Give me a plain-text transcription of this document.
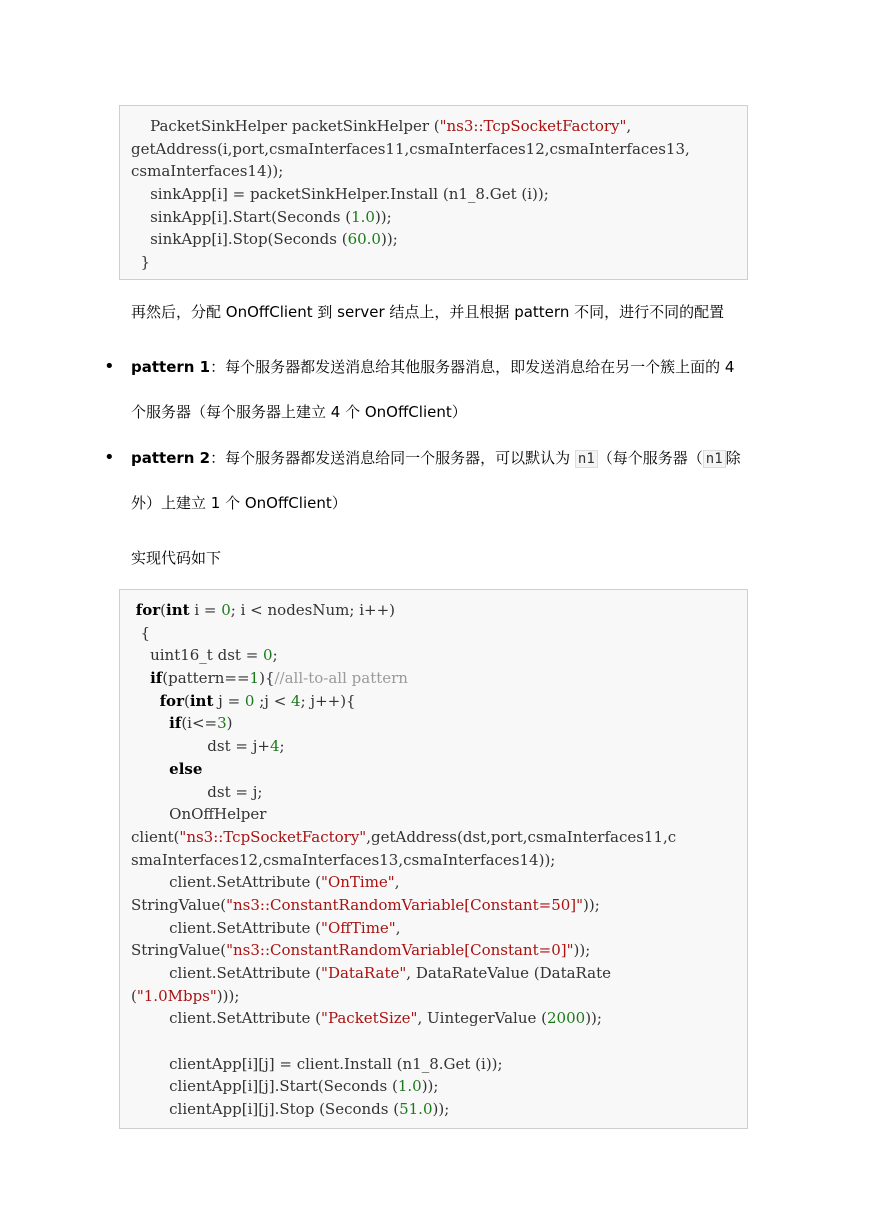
PacketSinkHelper packetSinkHelper ("ns3::TcpSocketFactory",
getAddress(i,port,csmaInterfaces11,csmaInterfaces12,csmaInterfaces13,
csmaInterfaces14));
sinkApp[i] = packetSinkHelper.Install (n1_8.Get (i));
sinkApp[i].Start(Seconds (1.0));
sinkApp[i].Stop(Seconds (60.0));
}
再然后，分配 OnOffClient 到 server 结点上，并且根据 pattern 不同，进行不同的配置
• pattern 1：每个服务器都发送消息给其他服务器消息，即发送消息给在另一个簇上面的 4
个服务器（每个服务器上建立 4 个 OnOffClient）
• pattern 2：每个服务器都发送消息给同一个服务器，可以默认为 n1 （每个服务器（ n1 除
外）上建立 1 个 OnOffClient）
实现代码如下
for(int i = 0; i < nodesNum; i++)
{
uint16_t dst = 0;
if(pattern==1){//all-to-all pattern
for(int j = 0 ;j < 4; j++){
if(i<=3)
dst = j+4;
else
dst = j;
OnOffHelper
client("ns3::TcpSocketFactory",getAddress(dst,port,csmaInterfaces11,c
smaInterfaces12,csmaInterfaces13,csmaInterfaces14));
client.SetAttribute ("OnTime",
StringValue("ns3::ConstantRandomVariable[Constant=50]"));
client.SetAttribute ("OffTime",
StringValue("ns3::ConstantRandomVariable[Constant=0]"));
client.SetAttribute ("DataRate", DataRateValue (DataRate
("1.0Mbps")));
client.SetAttribute ("PacketSize", UintegerValue (2000));
clientApp[i][j] = client.Install (n1_8.Get (i));
clientApp[i][j].Start(Seconds (1.0));
clientApp[i][j].Stop (Seconds (51.0));
